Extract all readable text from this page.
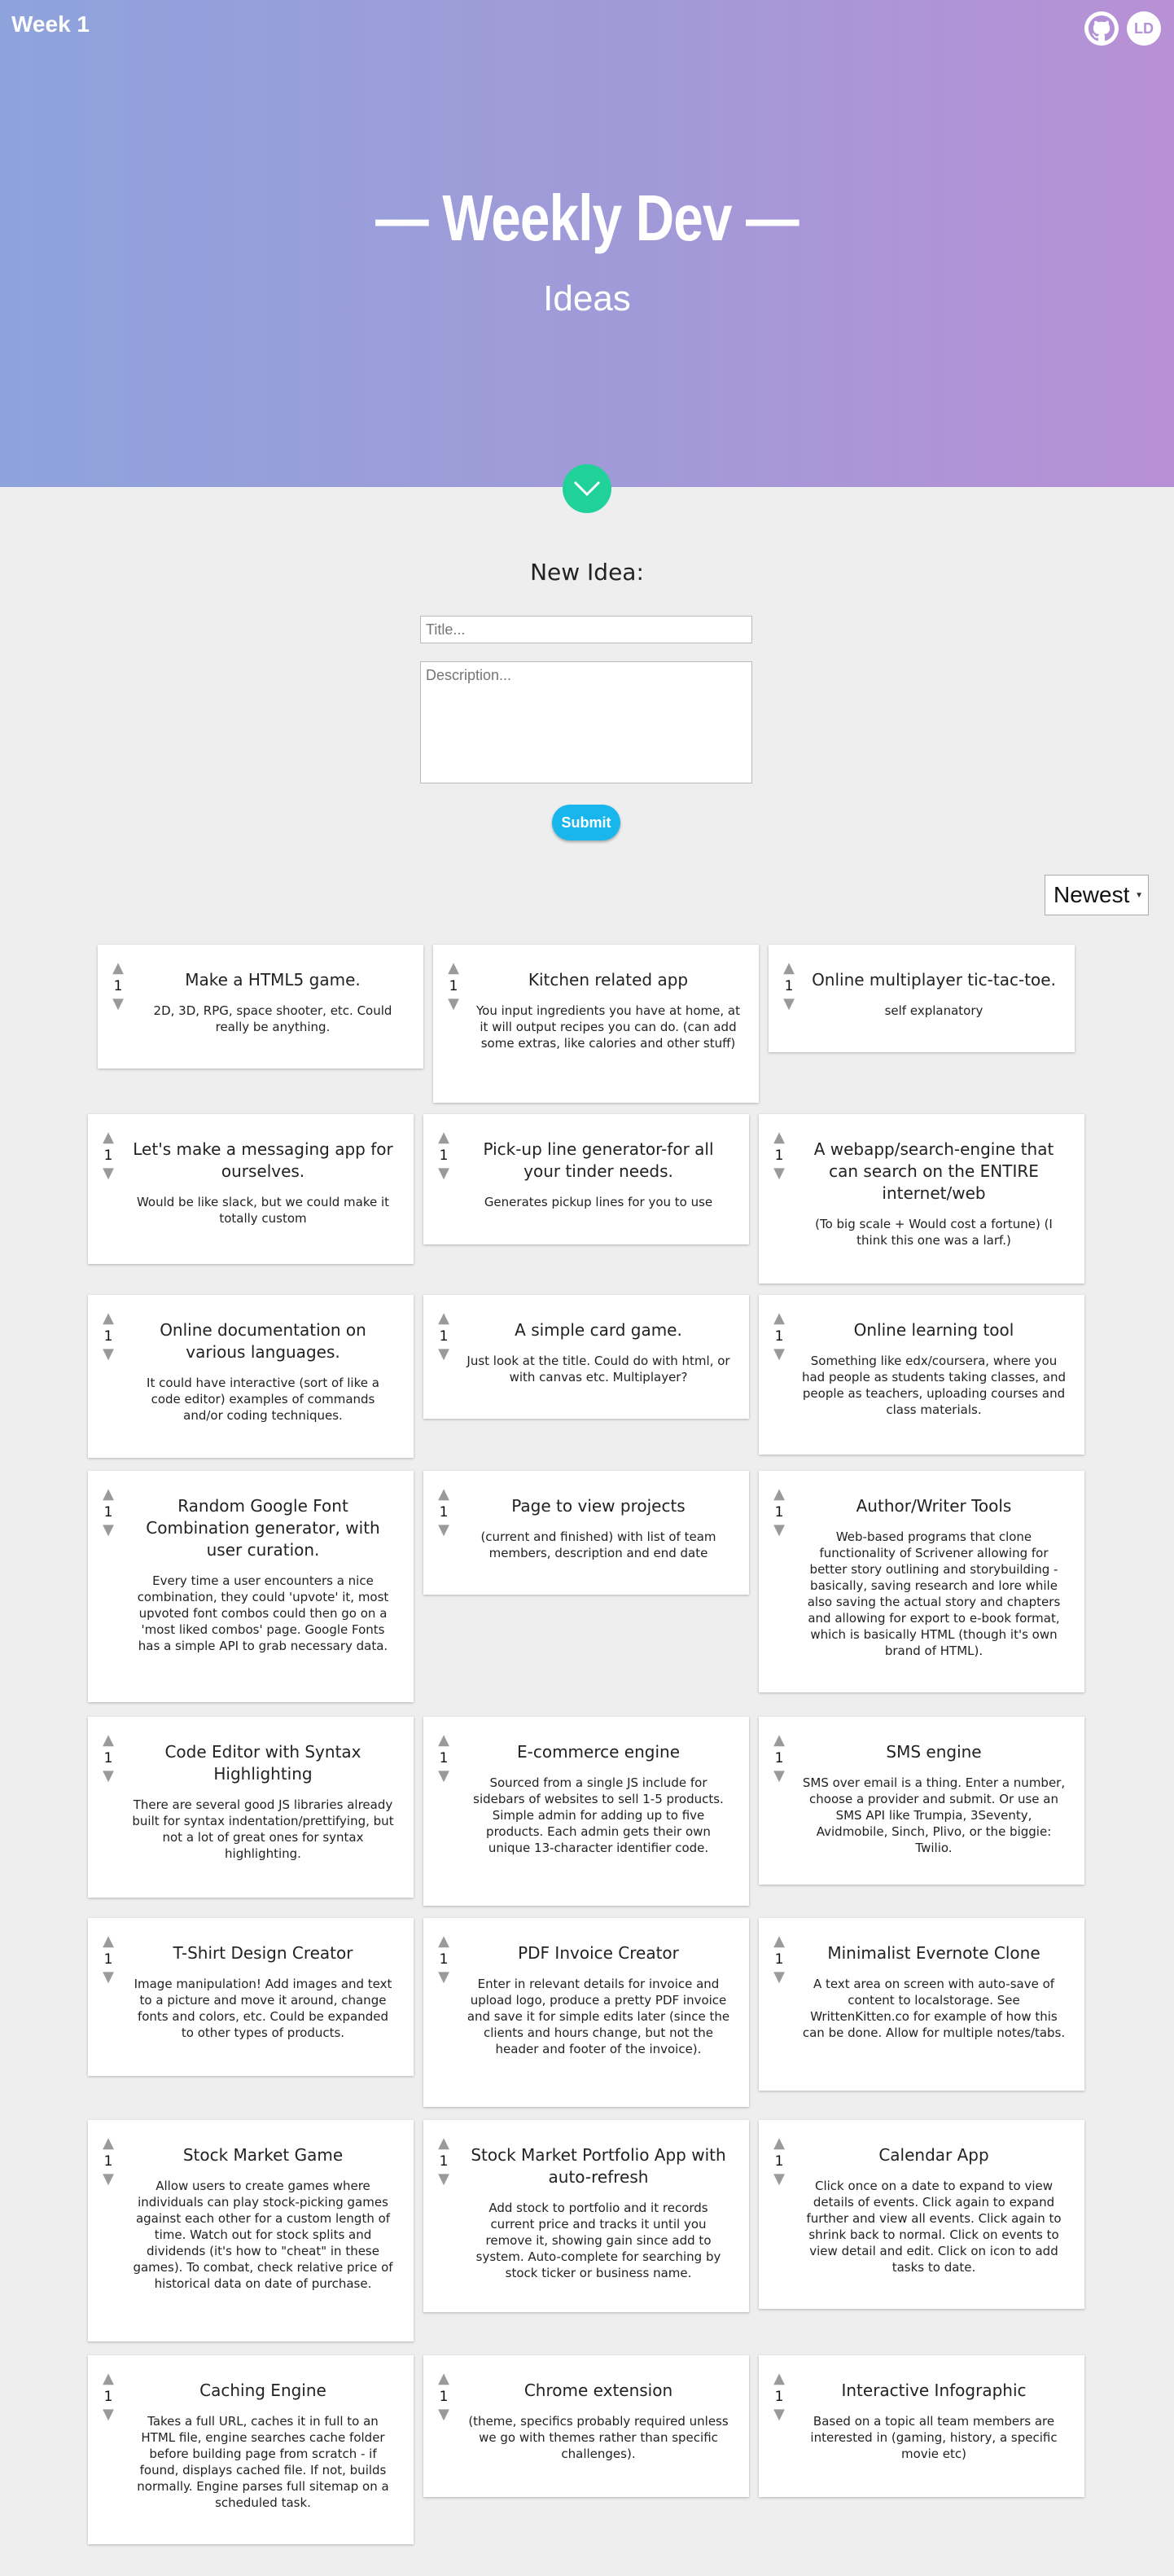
Week 1	LD
— Weekly Dev —
Ideas
New Idea:
Title...
Description...
Submit
Newest ▼
▲
1
▼
Make a HTML5 game.

2D, 3D, RPG, space shooter, etc. Could really be anything.

▲
1
▼
Kitchen related app

You input ingredients you have at home, at it will output recipes you can do. (can add some extras, like calories and other stuff)

▲
1
▼
Online multiplayer tic-tac-toe.

self explanatory

▲
1
▼
Let's make a messaging app for ourselves.

Would be like slack, but we could make it totally custom

▲
1
▼
Pick-up line generator-for all your tinder needs.

Generates pickup lines for you to use

▲
1
▼
A webapp/search-engine that can search on the ENTIRE internet/web

(To big scale + Would cost a fortune) (I think this one was a larf.)

▲
1
▼
Online documentation on various languages.

It could have interactive (sort of like a code editor) examples of commands and/or coding techniques.

▲
1
▼
A simple card game.

Just look at the title. Could do with html, or with canvas etc. Multiplayer?

▲
1
▼
Online learning tool

Something like edx/coursera, where you had people as students taking classes, and people as teachers, uploading courses and class materials.

▲
1
▼
Random Google Font Combination generator, with user curation.

Every time a user encounters a nice combination, they could 'upvote' it, most upvoted font combos could then go on a 'most liked combos' page. Google Fonts has a simple API to grab necessary data.

▲
1
▼
Page to view projects

(current and finished) with list of team members, description and end date

▲
1
▼
Author/Writer Tools

Web-based programs that clone functionality of Scrivener allowing for better story outlining and storybuilding - basically, saving research and lore while also saving the actual story and chapters and allowing for export to e-book format, which is basically HTML (though it's own brand of HTML).

▲
1
▼
Code Editor with Syntax Highlighting

There are several good JS libraries already built for syntax indentation/prettifying, but not a lot of great ones for syntax highlighting.

▲
1
▼
E-commerce engine

Sourced from a single JS include for sidebars of websites to sell 1-5 products. Simple admin for adding up to five products. Each admin gets their own unique 13-character identifier code.

▲
1
▼
SMS engine

SMS over email is a thing. Enter a number, choose a provider and submit. Or use an SMS API like Trumpia, 3Seventy, Avidmobile, Sinch, Plivo, or the biggie: Twilio.

▲
1
▼
T-Shirt Design Creator

Image manipulation! Add images and text to a picture and move it around, change fonts and colors, etc. Could be expanded to other types of products.

▲
1
▼
PDF Invoice Creator

Enter in relevant details for invoice and upload logo, produce a pretty PDF invoice and save it for simple edits later (since the clients and hours change, but not the header and footer of the invoice).

▲
1
▼
Minimalist Evernote Clone

A text area on screen with auto-save of content to localstorage. See WrittenKitten.co for example of how this can be done. Allow for multiple notes/tabs.

▲
1
▼
Stock Market Game

Allow users to create games where individuals can play stock-picking games against each other for a custom length of time. Watch out for stock splits and dividends (it's how to "cheat" in these games). To combat, check relative price of historical data on date of purchase.

▲
1
▼
Stock Market Portfolio App with auto-refresh

Add stock to portfolio and it records current price and tracks it until you remove it, showing gain since add to system. Auto-complete for searching by stock ticker or business name.

▲
1
▼
Calendar App

Click once on a date to expand to view details of events. Click again to expand further and view all events. Click again to shrink back to normal. Click on events to view detail and edit. Click on icon to add tasks to date.

▲
1
▼
Caching Engine

Takes a full URL, caches it in full to an HTML file, engine searches cache folder before building page from scratch - if found, displays cached file. If not, builds normally. Engine parses full sitemap on a scheduled task.

▲
1
▼
Chrome extension

(theme, specifics probably required unless we go with themes rather than specific challenges).

▲
1
▼
Interactive Infographic

Based on a topic all team members are interested in (gaming, history, a specific movie etc)
